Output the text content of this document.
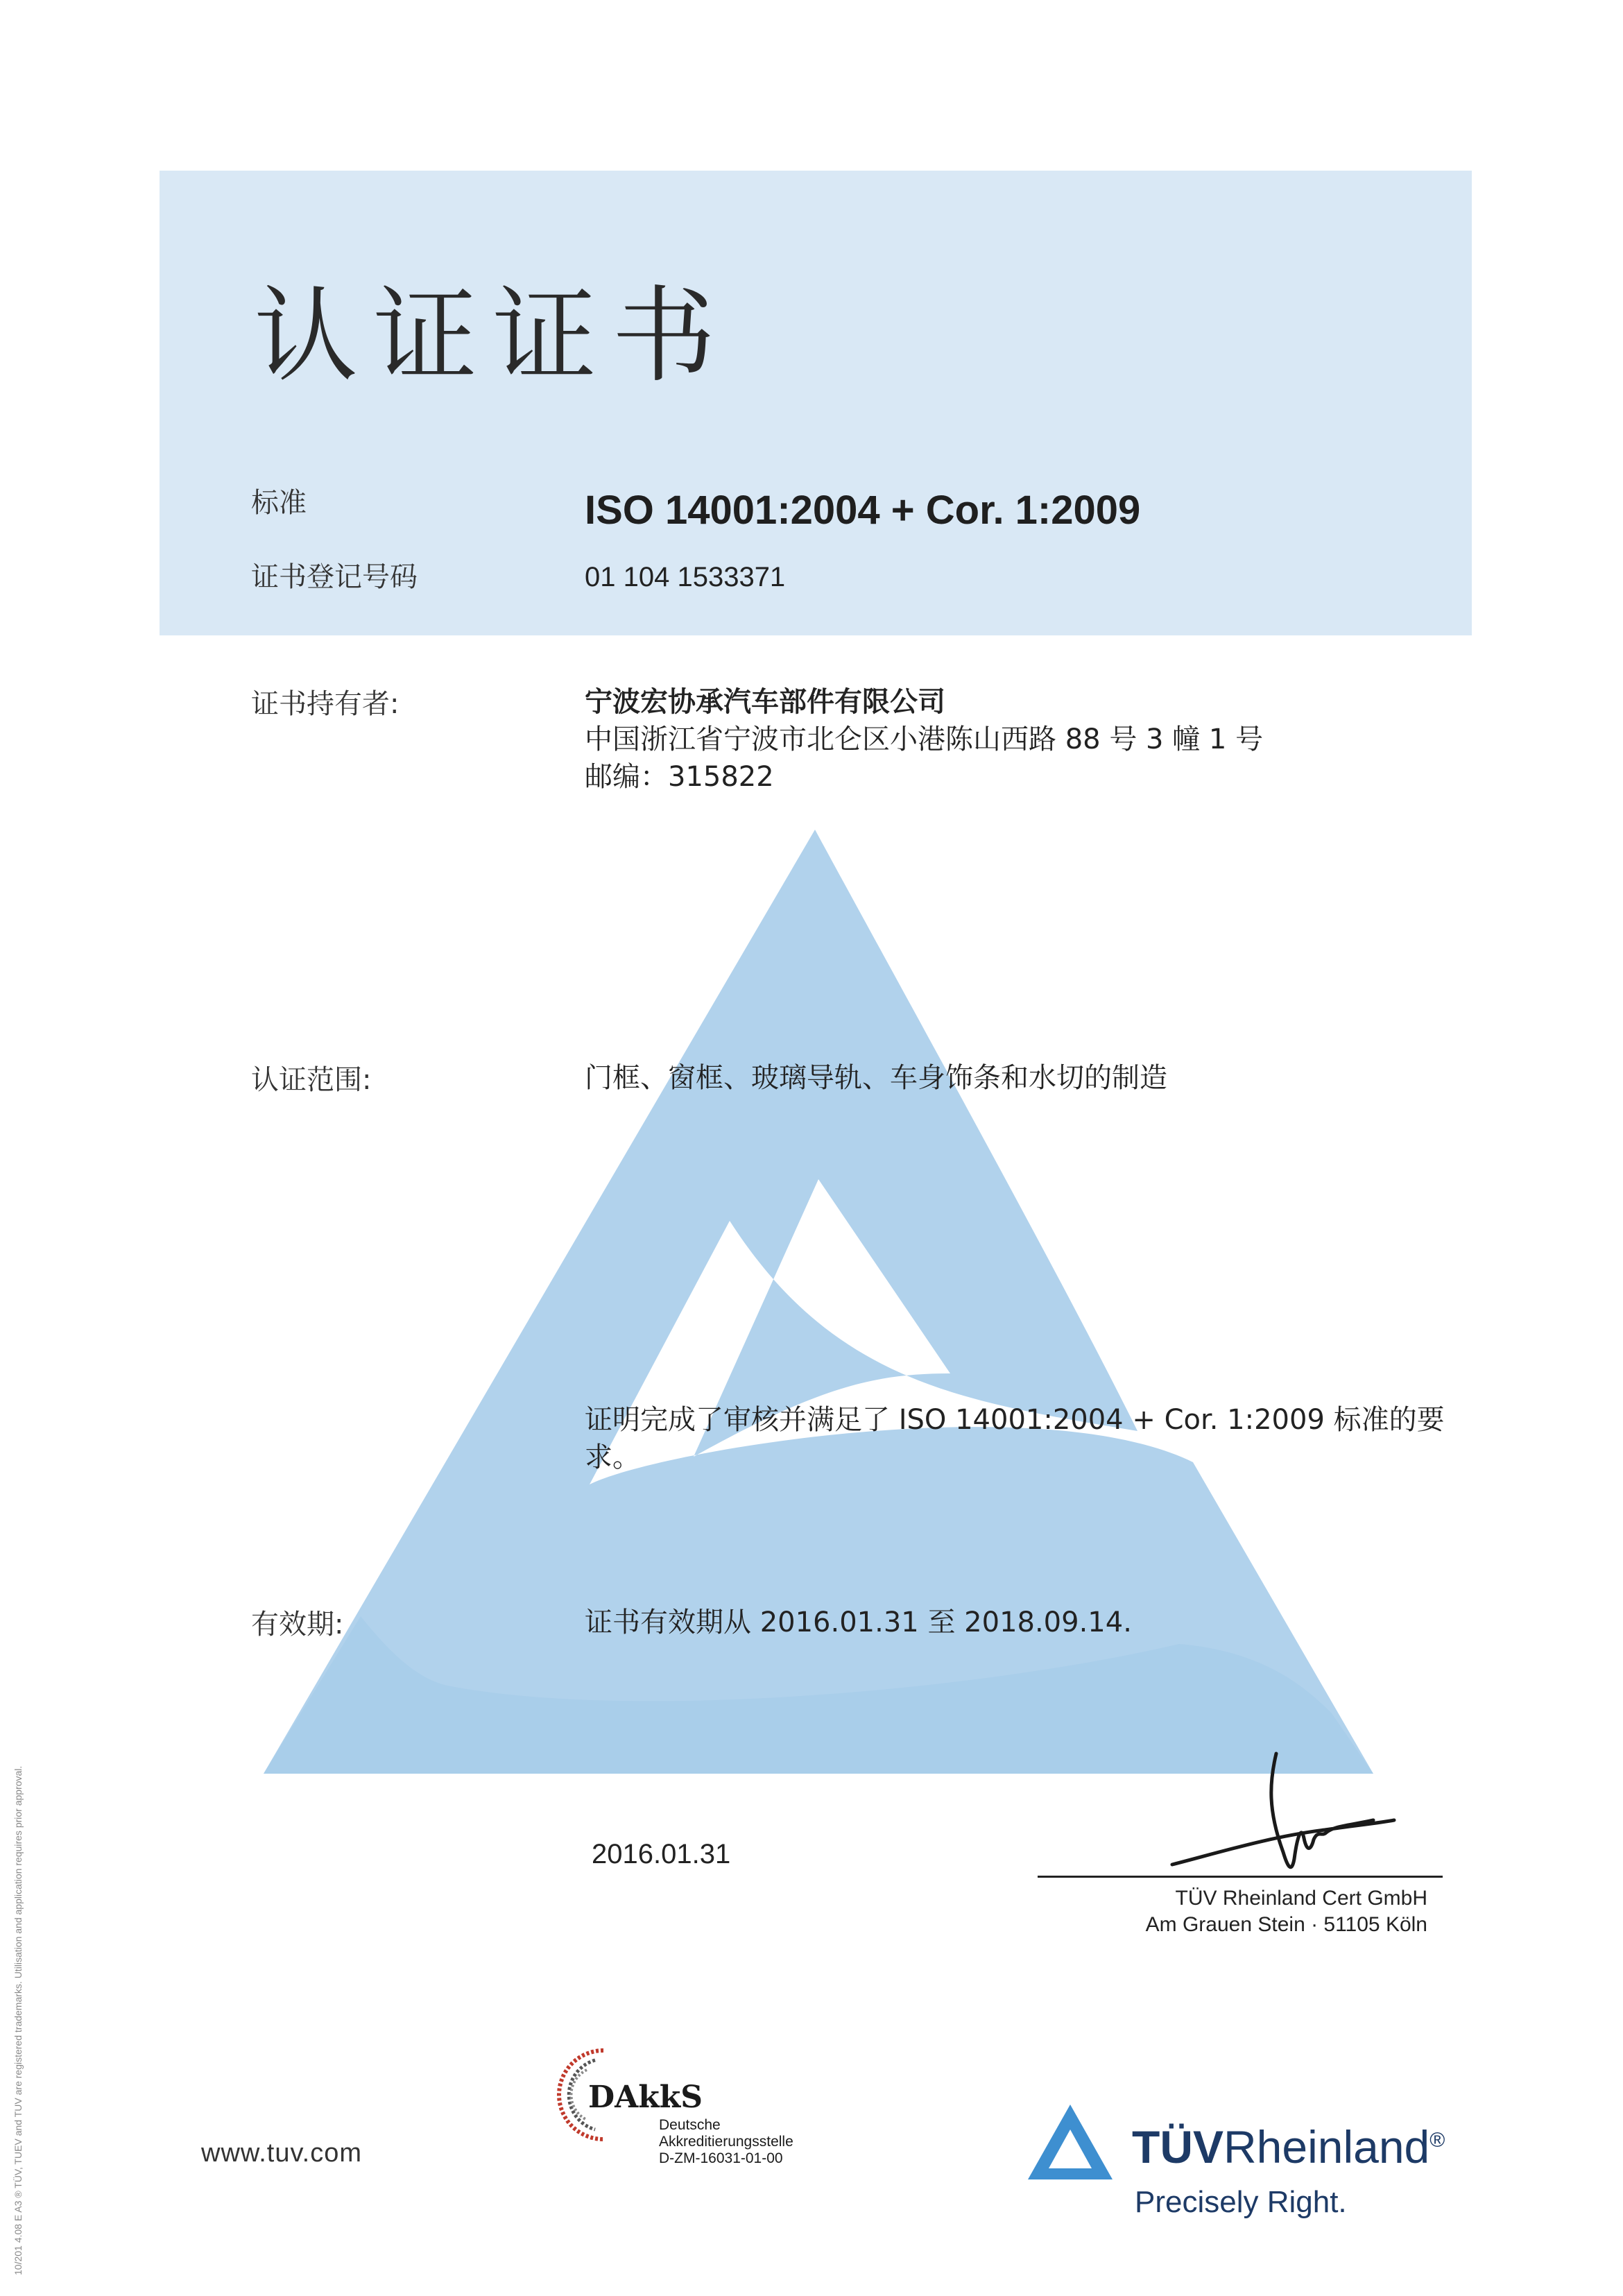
认证证书
标准	ISO 14001:2004 + Cor. 1:2009
证书登记号码	01 104 1533371
证书持有者:	宁波宏协承汽车部件有限公司
中国浙江省宁波市北仑区小港陈山西路 88 号 3 幢 1 号
邮编：315822
认证范围:	门框、窗框、玻璃导轨、车身饰条和水切的制造
证明完成了审核并满足了 ISO 14001:2004 + Cor. 1:2009 标准的要
求。
有效期:	证书有效期从 2016.01.31 至 2018.09.14.
2016.01.31
TÜV Rheinland Cert GmbH
Am Grauen Stein · 51105 Köln
10/201 4.08 E A3 ® TÜV, TUEV and TUV are registered trademarks. Utilisation and application requires prior approval.	www.tuv.com
DAkkS
Deutsche
Akkreditierungsstelle
D-ZM-16031-01-00	TÜVRheinland®
Precisely Right.
